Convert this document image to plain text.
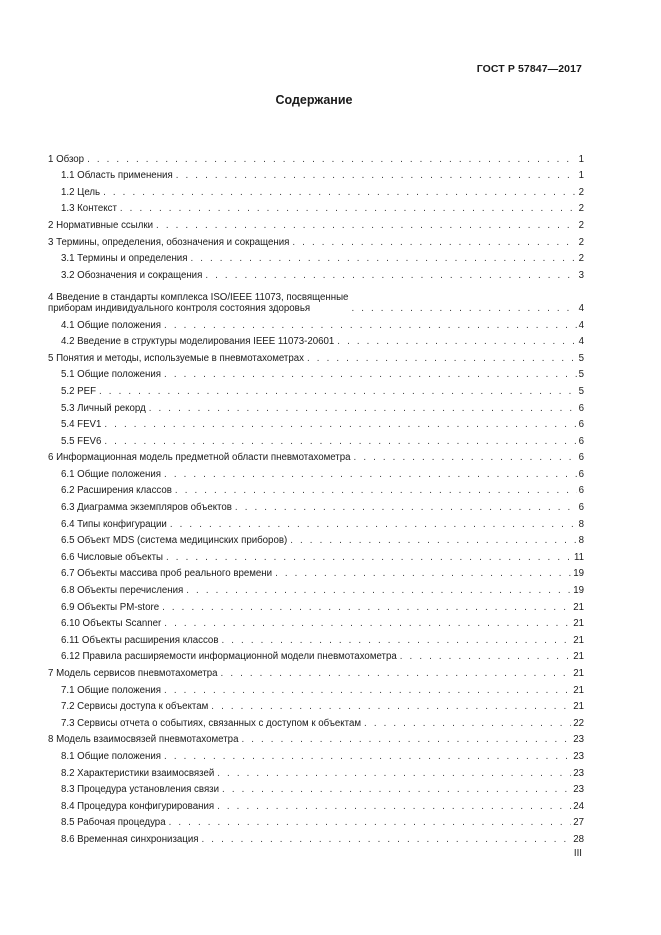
ГОСТ Р 57847—2017
Содержание
1 Обзор . . .	1
1.1 Область применения . . .	1
1.2 Цель . . .	2
1.3 Контекст . . .	2
2 Нормативные ссылки . . .	2
3 Термины, определения, обозначения и сокращения . . .	2
3.1 Термины и определения . . .	2
3.2 Обозначения и сокращения . . .	3
4 Введение в стандарты комплекса ISO/IEEE 11073, посвященные
приборам индивидуального контроля состояния здоровья . . .	4
4.1 Общие положения . . .	4
4.2 Введение в структуры моделирования IEEE 11073-20601 . . .	4
5 Понятия и методы, используемые в пневмотахометрах . . .	5
5.1 Общие положения . . .	5
5.2 PEF . . .	5
5.3 Личный рекорд . . .	6
5.4 FEV1 . . .	6
5.5 FEV6 . . .	6
6 Информационная модель предметной области пневмотахометра . . .	6
6.1 Общие положения . . .	6
6.2 Расширения классов . . .	6
6.3 Диаграмма экземпляров объектов . . .	6
6.4 Типы конфигурации . . .	8
6.5 Объект MDS (система медицинских приборов) . . .	8
6.6 Числовые объекты . . .	11
6.7 Объекты массива проб реального времени . . .	19
6.8 Объекты перечисления . . .	19
6.9 Объекты PM-store . . .	21
6.10 Объекты Scanner . . .	21
6.11 Объекты расширения классов . . .	21
6.12 Правила расширяемости информационной модели пневмотахометра . . .	21
7 Модель сервисов пневмотахометра . . .	21
7.1 Общие положения . . .	21
7.2 Сервисы доступа к объектам . . .	21
7.3 Сервисы отчета о событиях, связанных с доступом к объектам . . .	22
8 Модель взаимосвязей пневмотахометра . . .	23
8.1 Общие положения . . .	23
8.2 Характеристики взаимосвязей . . .	23
8.3 Процедура установления связи . . .	23
8.4 Процедура конфигурирования . . .	24
8.5 Рабочая процедура . . .	27
8.6 Временная синхронизация . . .	28
III
